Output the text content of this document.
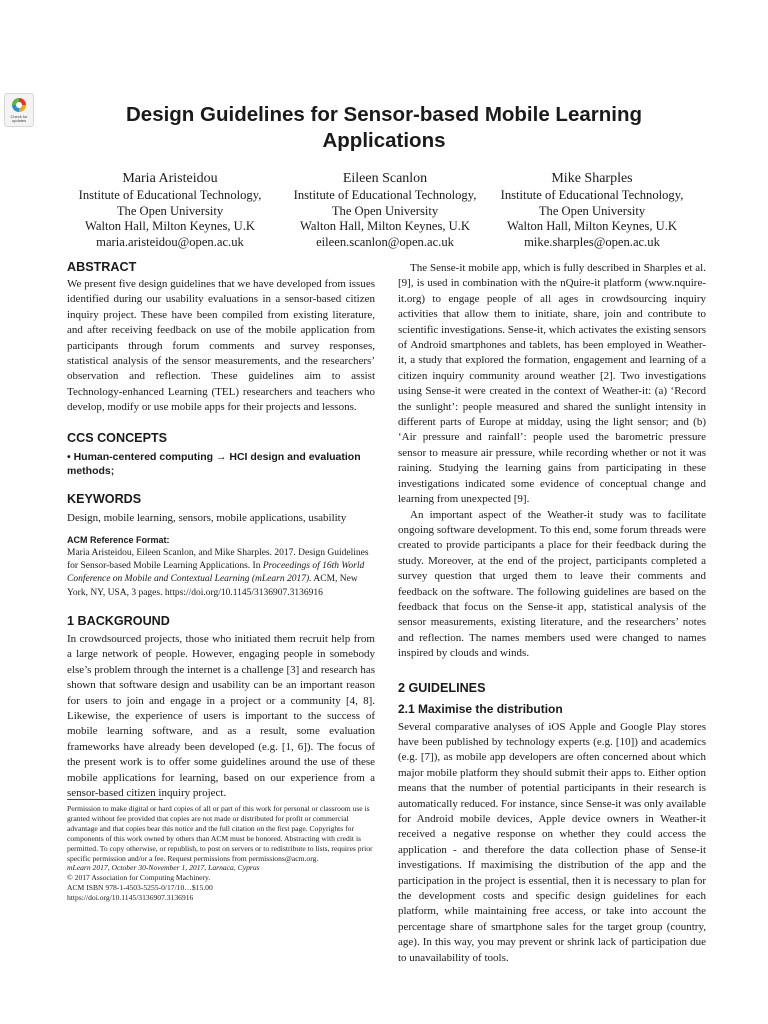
Check for updates	Design Guidelines for Sensor-based Mobile Learning Applications
Maria Aristeidou
Institute of Educational Technology,
The Open University
Walton Hall, Milton Keynes, U.K
maria.aristeidou@open.ac.uk
Eileen Scanlon
Institute of Educational Technology,
The Open University
Walton Hall, Milton Keynes, U.K
eileen.scanlon@open.ac.uk
Mike Sharples
Institute of Educational Technology,
The Open University
Walton Hall, Milton Keynes, U.K
mike.sharples@open.ac.uk
ABSTRACT

We present five design guidelines that we have developed from issues identified during our usability evaluations in a sensor-based citizen inquiry project. These have been compiled from existing literature, and after receiving feedback on use of the mobile application from participants through forum comments and survey responses, statistical analysis of the sensor measurements, and the researchers’ observation and reflection. These guidelines aim to assist Technology-enhanced Learning (TEL) researchers and teachers who develop, modify or use mobile apps for their projects and lessons.

CCS CONCEPTS

• Human-centered computing → HCI design and evaluation methods;

KEYWORDS

Design, mobile learning, sensors, mobile applications, usability

ACM Reference Format:

Maria Aristeidou, Eileen Scanlon, and Mike Sharples. 2017. Design Guidelines for Sensor-based Mobile Learning Applications. In Proceedings of 16th World Conference on Mobile and Contextual Learning (mLearn 2017). ACM, New York, NY, USA, 3 pages. https://doi.org/10.1145/3136907.3136916

1 BACKGROUND

In crowdsourced projects, those who initiated them recruit help from a large network of people. However, engaging people in somebody else’s problem through the internet is a challenge [3] and research has shown that software design and usability can be an important reason for users to join and engage in a project or a community [4, 8]. Likewise, the experience of users is important to the success of mobile learning software, and as a result, some evaluation frameworks have already been developed (e.g. [1, 6]). The focus of the present work is to offer some guidelines around the use of these mobile applications for learning, based on our experience from a sensor-based citizen inquiry project.

Permission to make digital or hard copies of all or part of this work for personal or classroom use is granted without fee provided that copies are not made or distributed for profit or commercial advantage and that copies bear this notice and the full citation on the first page. Copyrights for components of this work owned by others than ACM must be honored. Abstracting with credit is permitted. To copy otherwise, or republish, to post on servers or to redistribute to lists, requires prior specific permission and/or a fee. Request permissions from permissions@acm.org.

mLearn 2017, October 30-November 1, 2017, Larnaca, Cyprus

© 2017 Association for Computing Machinery.

ACM ISBN 978-1-4503-5255-0/17/10…$15.00

https://doi.org/10.1145/3136907.3136916

The Sense-it mobile app, which is fully described in Sharples et al. [9], is used in combination with the nQuire-it platform (www.nquire-it.org) to engage people of all ages in crowdsourcing inquiry activities that allow them to initiate, share, join and contribute to scientific investigations. Sense-it, which activates the existing sensors of Android smartphones and tablets, has been employed in Weather-it, a study that explored the formation, engagement and learning of a citizen inquiry community around weather [2]. Two investigations using Sense-it were created in the context of Weather-it: (a) ‘Record the sunlight’: people measured and shared the sunlight intensity in different parts of Europe at midday, using the light sensor; and (b) ‘Air pressure and rainfall’: people used the barometric pressure sensor to measure air pressure, while recording whether or not it was raining. Studying the learning gains from participating in these investigations indicated some evidence of conceptual change and learning from unexpected [9].

An important aspect of the Weather-it study was to facilitate ongoing software development. To this end, some forum threads were created to provide participants a place for their feedback during the study. Moreover, at the end of the project, participants completed a survey question that urged them to leave their comments and feedback on the software. The following guidelines are based on the feedback that focus on the Sense-it app, statistical analysis of the sensor measurements, existing literature, and the researchers’ notes and reflection. The names members used were changed to names inspired by clouds and winds.

2 GUIDELINES
2.1 Maximise the distribution

Several comparative analyses of iOS Apple and Google Play stores have been published by technology experts (e.g. [10]) and academics (e.g. [7]), as mobile app developers are often concerned about which major mobile platform they should submit their apps to. Either option means that the number of potential participants in their research is automatically reduced. For instance, since Sense-it was only available for Android mobile devices, Apple device owners in Weather-it received a negative response on whether they could access the application - and therefore the data collection phase of Sense-it investigations. If maximising the distribution of the app and the participation in the project is essential, then it is necessary to plan for the development costs and specific design guidelines for each platform, while maintaining free access, or take into account the percentage share of smartphone sales for the target group (country, age). In this way, you may prevent or shrink lack of participation due to unavailability of tools.
